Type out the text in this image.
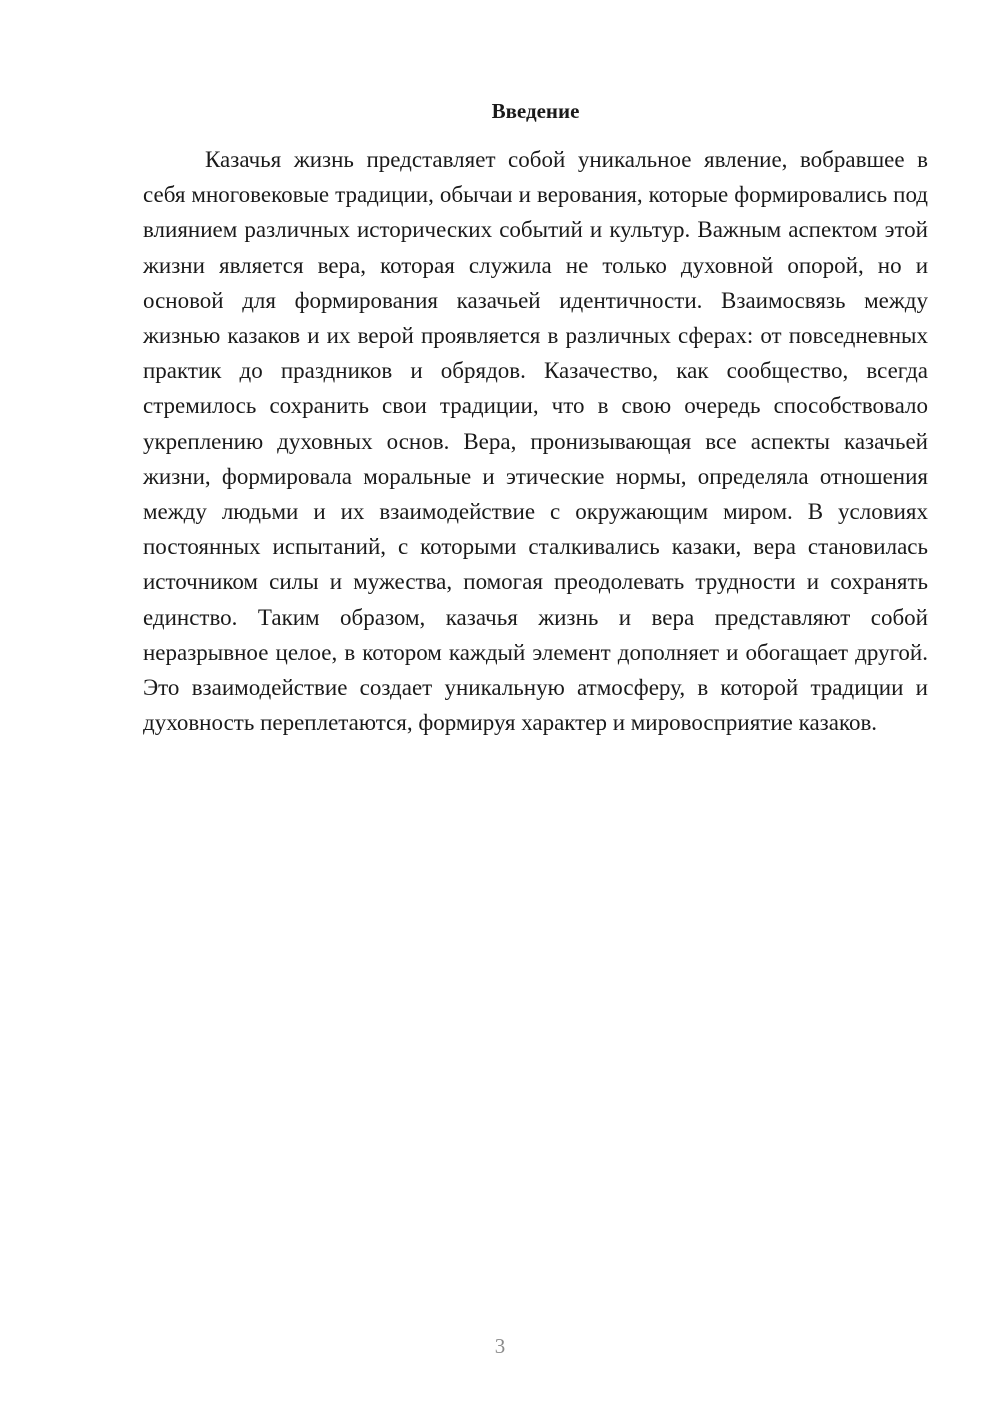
Введение

Казачья жизнь представляет собой уникальное явление, вобравшее в себя многовековые традиции, обычаи и верования, которые формировались под влиянием различных исторических событий и культур. Важным аспектом этой жизни является вера, которая служила не только духовной опорой, но и основой для формирования казачьей идентичности. Взаимосвязь между жизнью казаков и их верой проявляется в различных сферах: от повседневных практик до праздников и обрядов. Казачество, как сообщество, всегда стремилось сохранить свои традиции, что в свою очередь способствовало укреплению духовных основ. Вера, пронизывающая все аспекты казачьей жизни, формировала моральные и этические нормы, определяла отношения между людьми и их взаимодействие с окружающим миром. В условиях постоянных испытаний, с которыми сталкивались казаки, вера становилась источником силы и мужества, помогая преодолевать трудности и сохранять единство. Таким образом, казачья жизнь и вера представляют собой неразрывное целое, в котором каждый элемент дополняет и обогащает другой. Это взаимодействие создает уникальную атмосферу, в которой традиции и духовность переплетаются, формируя характер и мировосприятие казаков.

3
